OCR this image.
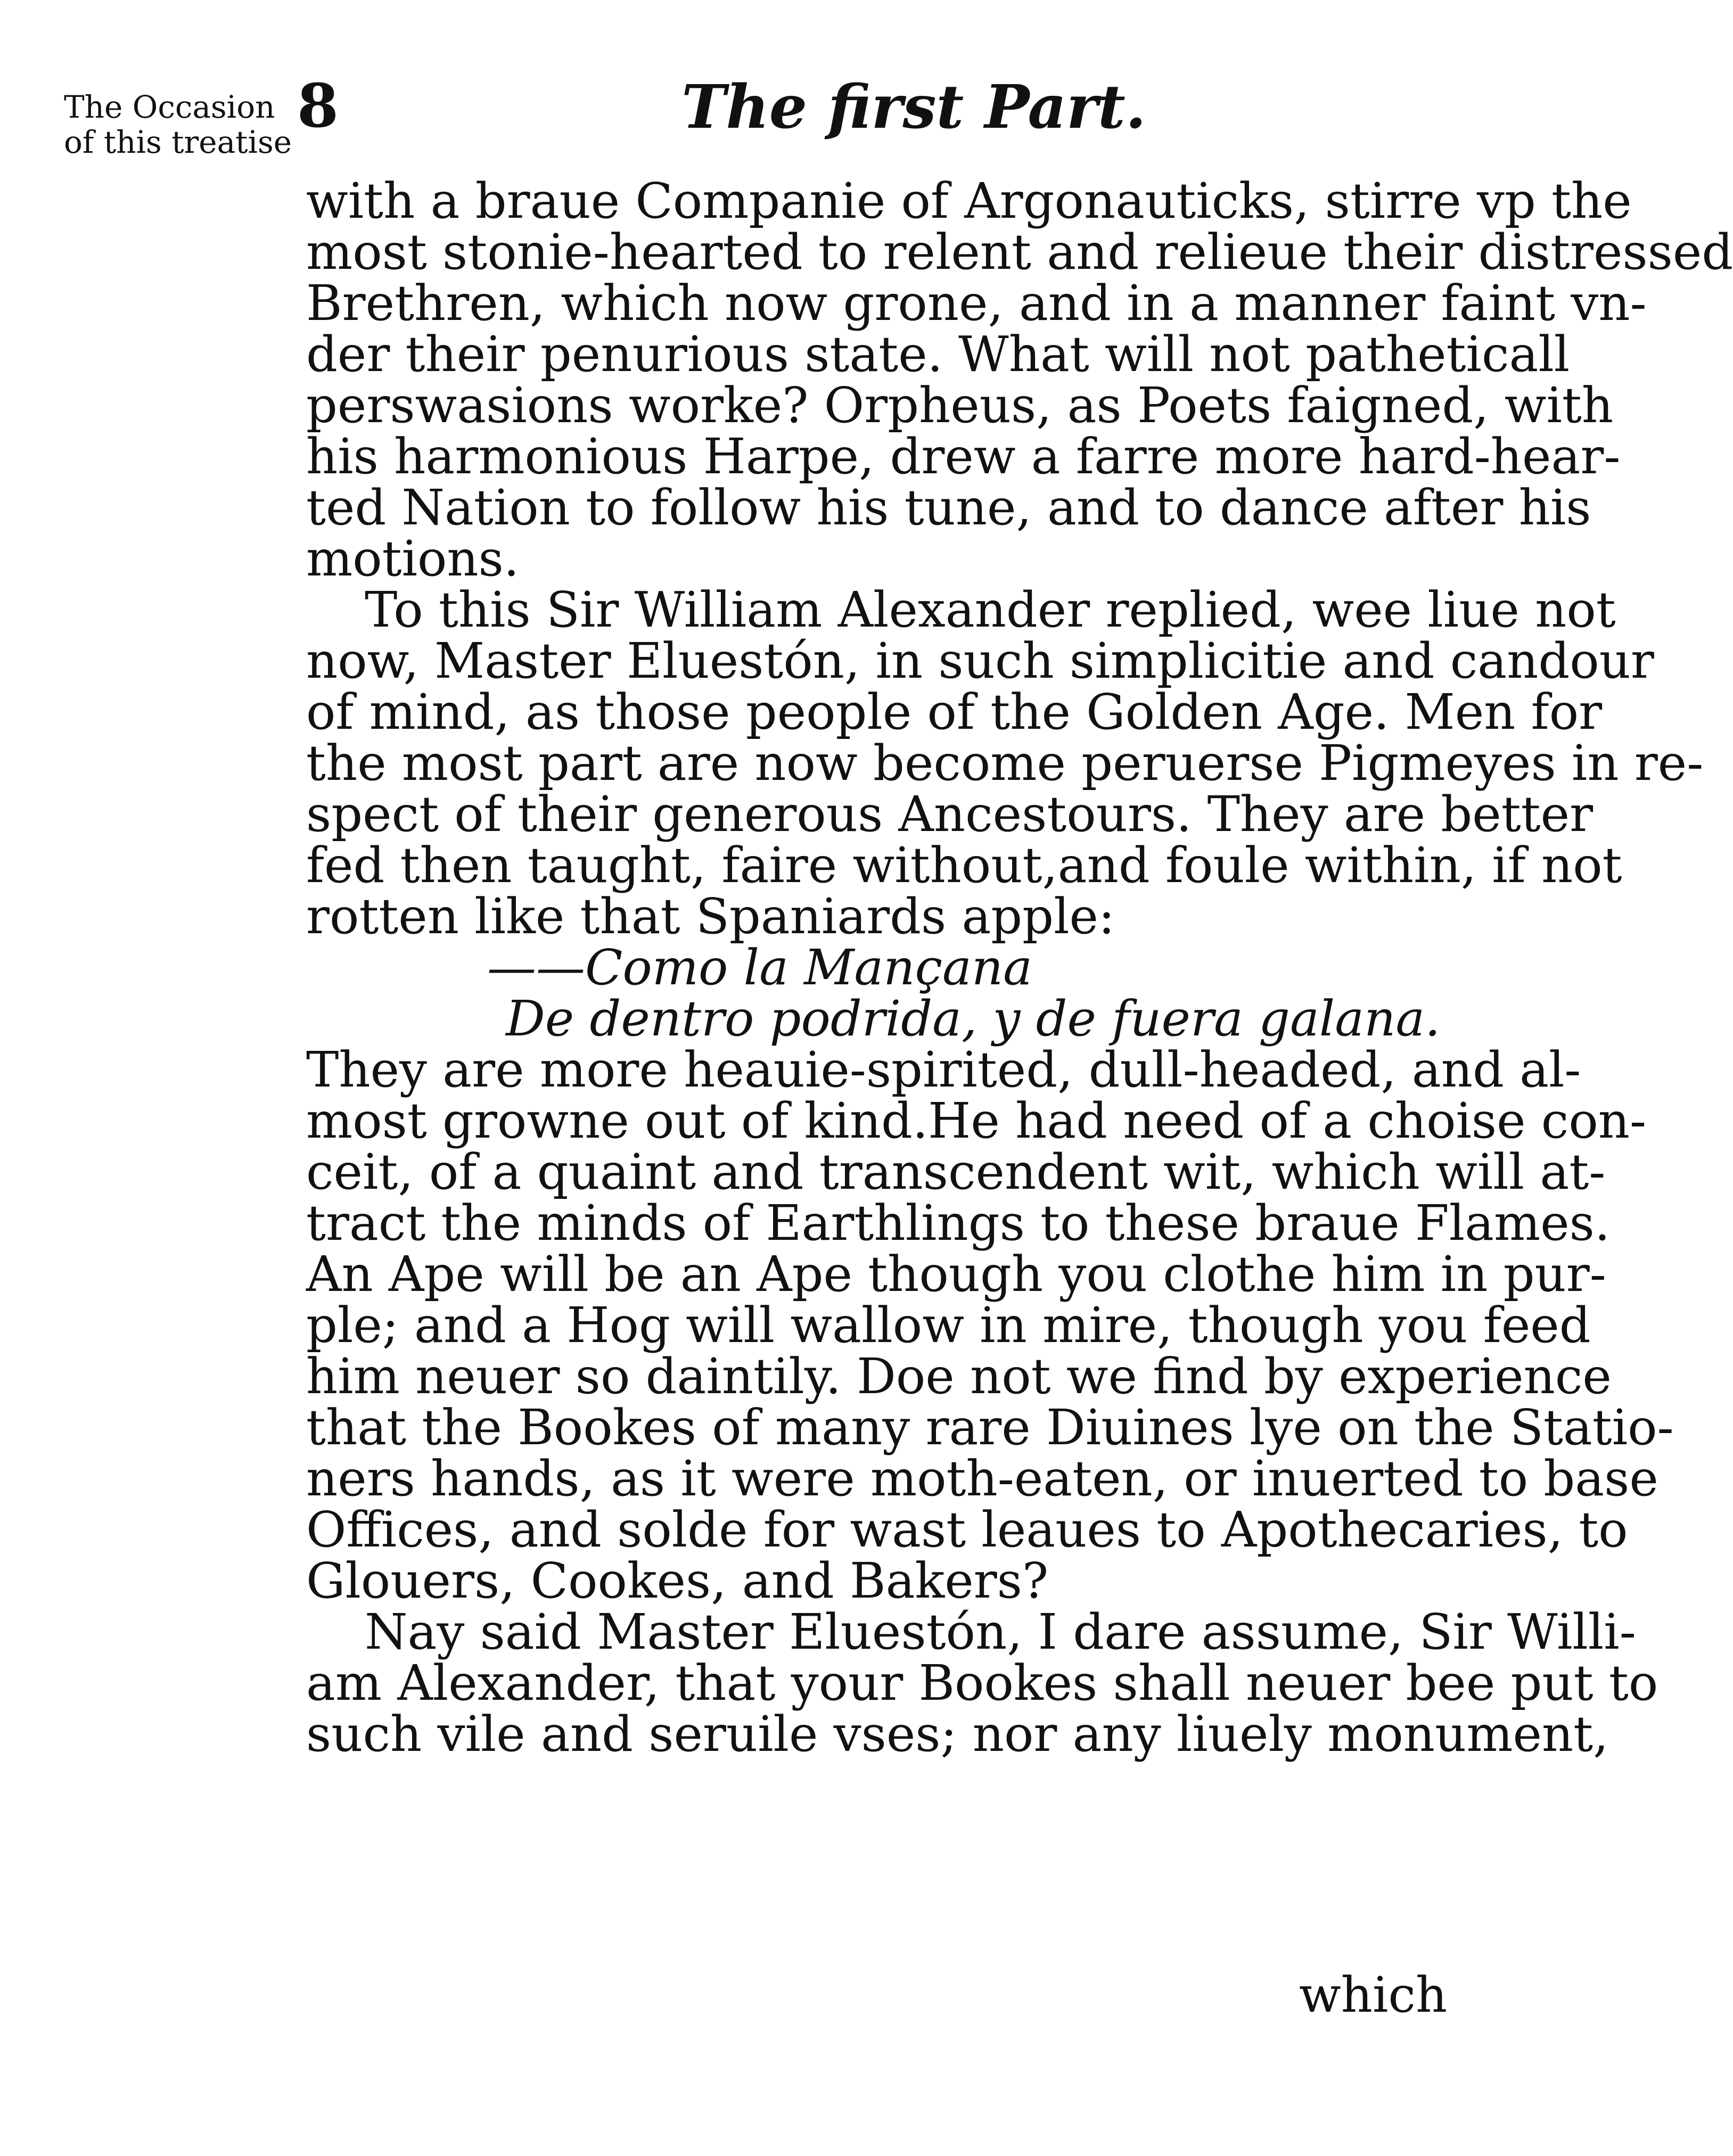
The Occasion
of this treatise
8	The first Part.
with a braue Companie of Argonauticks, stirre vp the
most stonie-hearted to relent and relieue their distressed
Brethren, which now grone, and in a manner faint vn-
der their penurious state. What will not patheticall
perswasions worke? Orpheus, as Poets faigned, with
his harmonious Harpe, drew a farre more hard-hear-
ted Nation to follow his tune, and to dance after his
motions.
To this Sir William Alexander replied, wee liue not
now, Master Eluestón, in such simplicitie and candour
of mind, as those people of the Golden Age. Men for
the most part are now become peruerse Pigmeyes in re-
spect of their generous Ancestours. They are better
fed then taught, faire without,and foule within, if not
rotten like that Spaniards apple:
——Como la Mançana
De dentro podrida, y de fuera galana.
They are more heauie-spirited, dull-headed, and al-
most growne out of kind.He had need of a choise con-
ceit, of a quaint and transcendent wit, which will at-
tract the minds of Earthlings to these braue Flames.
An Ape will be an Ape though you clothe him in pur-
ple; and a Hog will wallow in mire, though you feed
him neuer so daintily. Doe not we find by experience
that the Bookes of many rare Diuines lye on the Statio-
ners hands, as it were moth-eaten, or inuerted to base
Offices, and solde for wast leaues to Apothecaries, to
Glouers, Cookes, and Bakers?
Nay said Master Eluestón, I dare assume, Sir Willi-
am Alexander, that your Bookes shall neuer bee put to
such vile and seruile vses; nor any liuely monument,
which
